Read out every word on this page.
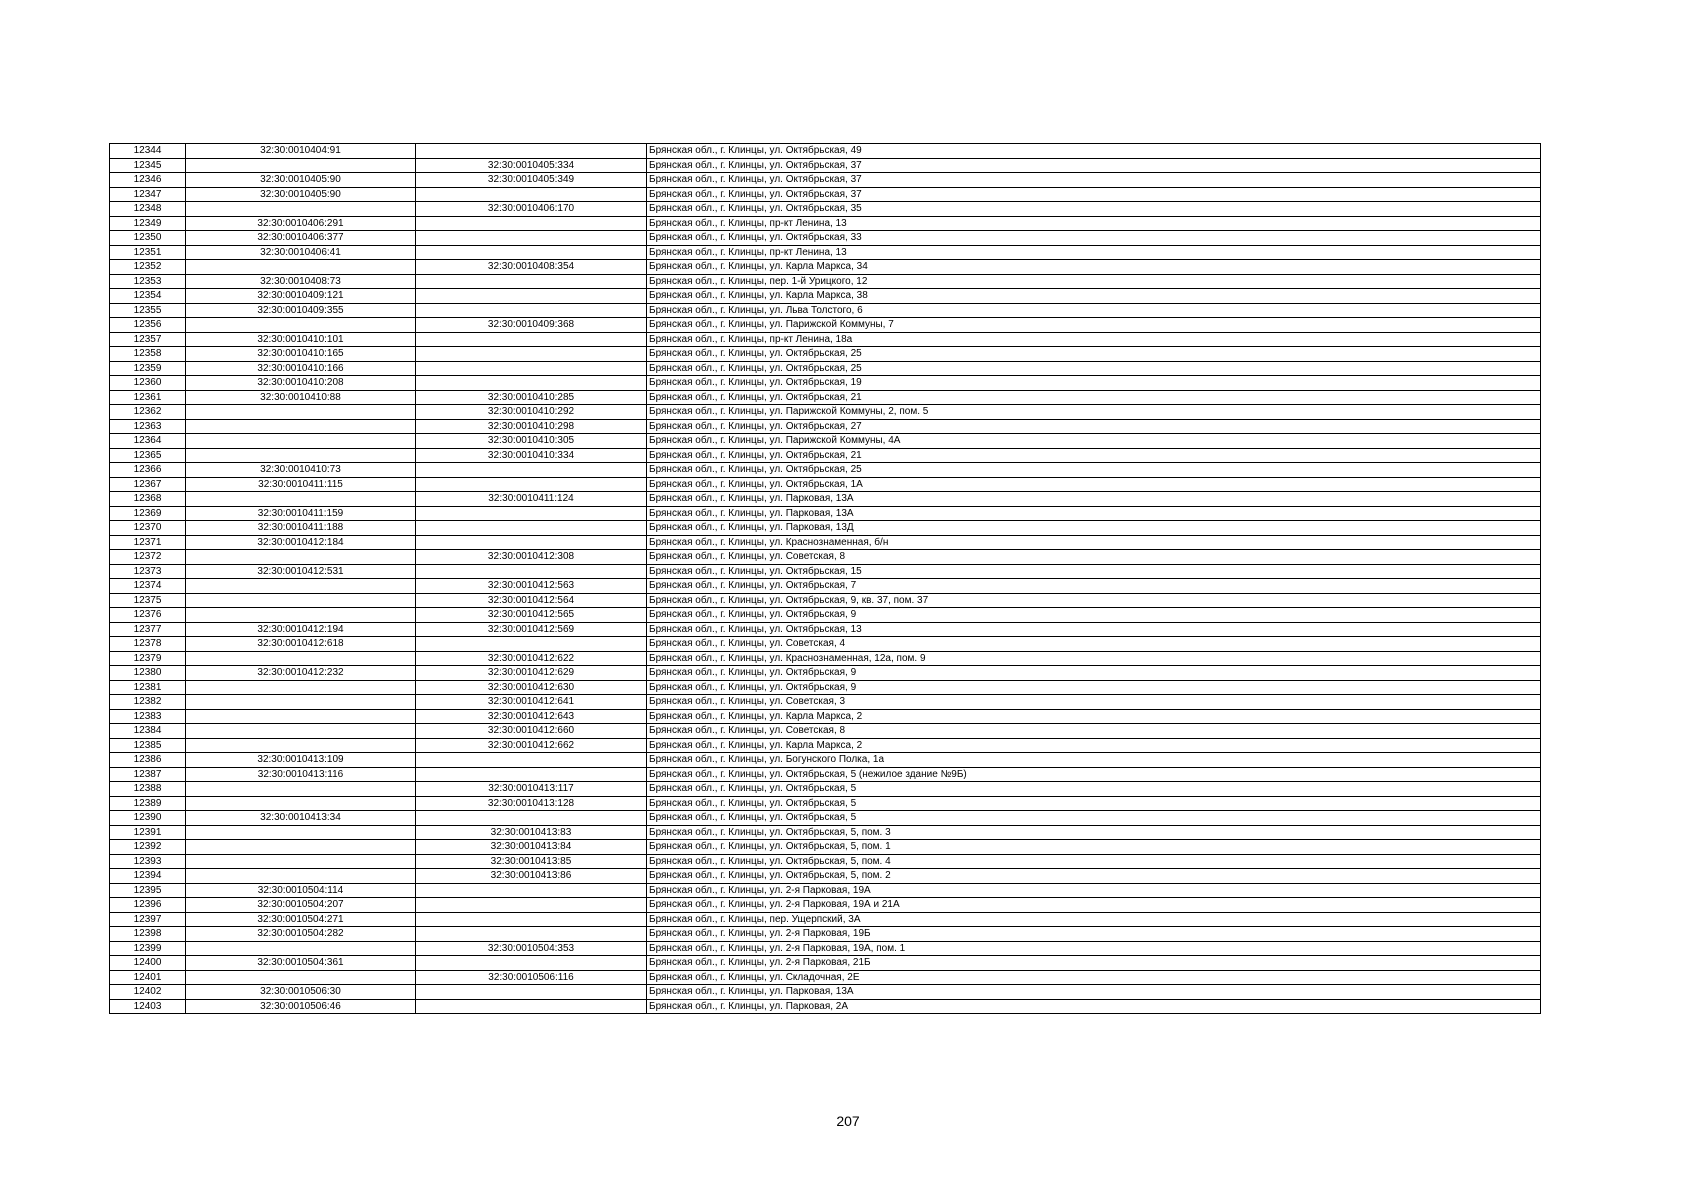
12344	32:30:0010404:91		Брянская обл., г. Клинцы, ул. Октябрьская, 49
12345		32:30:0010405:334	Брянская обл., г. Клинцы, ул. Октябрьская, 37
12346	32:30:0010405:90	32:30:0010405:349	Брянская обл., г. Клинцы, ул. Октябрьская, 37
12347	32:30:0010405:90		Брянская обл., г. Клинцы, ул. Октябрьская, 37
12348		32:30:0010406:170	Брянская обл., г. Клинцы, ул. Октябрьская, 35
12349	32:30:0010406:291		Брянская обл., г. Клинцы, пр-кт Ленина, 13
12350	32:30:0010406:377		Брянская обл., г. Клинцы, ул. Октябрьская, 33
12351	32:30:0010406:41		Брянская обл., г. Клинцы, пр-кт Ленина, 13
12352		32:30:0010408:354	Брянская обл., г. Клинцы, ул. Карла Маркса, 34
12353	32:30:0010408:73		Брянская обл., г. Клинцы, пер. 1-й Урицкого, 12
12354	32:30:0010409:121		Брянская обл., г. Клинцы, ул. Карла Маркса, 38
12355	32:30:0010409:355		Брянская обл., г. Клинцы, ул. Льва Толстого, 6
12356		32:30:0010409:368	Брянская обл., г. Клинцы, ул. Парижской Коммуны, 7
12357	32:30:0010410:101		Брянская обл., г. Клинцы, пр-кт Ленина, 18а
12358	32:30:0010410:165		Брянская обл., г. Клинцы, ул. Октябрьская, 25
12359	32:30:0010410:166		Брянская обл., г. Клинцы, ул. Октябрьская, 25
12360	32:30:0010410:208		Брянская обл., г. Клинцы, ул. Октябрьская, 19
12361	32:30:0010410:88	32:30:0010410:285	Брянская обл., г. Клинцы, ул. Октябрьская, 21
12362		32:30:0010410:292	Брянская обл., г. Клинцы, ул. Парижской Коммуны, 2, пом. 5
12363		32:30:0010410:298	Брянская обл., г. Клинцы, ул. Октябрьская, 27
12364		32:30:0010410:305	Брянская обл., г. Клинцы, ул. Парижской Коммуны, 4А
12365		32:30:0010410:334	Брянская обл., г. Клинцы, ул. Октябрьская, 21
12366	32:30:0010410:73		Брянская обл., г. Клинцы, ул. Октябрьская, 25
12367	32:30:0010411:115		Брянская обл., г. Клинцы, ул. Октябрьская, 1А
12368		32:30:0010411:124	Брянская обл., г. Клинцы, ул. Парковая, 13А
12369	32:30:0010411:159		Брянская обл., г. Клинцы, ул. Парковая, 13А
12370	32:30:0010411:188		Брянская обл., г. Клинцы, ул. Парковая, 13Д
12371	32:30:0010412:184		Брянская обл., г. Клинцы, ул. Краснознаменная, б/н
12372		32:30:0010412:308	Брянская обл., г. Клинцы, ул. Советская, 8
12373	32:30:0010412:531		Брянская обл., г. Клинцы, ул. Октябрьская, 15
12374		32:30:0010412:563	Брянская обл., г. Клинцы, ул. Октябрьская, 7
12375		32:30:0010412:564	Брянская обл., г. Клинцы, ул. Октябрьская, 9, кв. 37, пом. 37
12376		32:30:0010412:565	Брянская обл., г. Клинцы, ул. Октябрьская, 9
12377	32:30:0010412:194	32:30:0010412:569	Брянская обл., г. Клинцы, ул. Октябрьская, 13
12378	32:30:0010412:618		Брянская обл., г. Клинцы, ул. Советская, 4
12379		32:30:0010412:622	Брянская обл., г. Клинцы, ул. Краснознаменная, 12а, пом. 9
12380	32:30:0010412:232	32:30:0010412:629	Брянская обл., г. Клинцы, ул. Октябрьская, 9
12381		32:30:0010412:630	Брянская обл., г. Клинцы, ул. Октябрьская, 9
12382		32:30:0010412:641	Брянская обл., г. Клинцы, ул. Советская, 3
12383		32:30:0010412:643	Брянская обл., г. Клинцы, ул. Карла Маркса, 2
12384		32:30:0010412:660	Брянская обл., г. Клинцы, ул. Советская, 8
12385		32:30:0010412:662	Брянская обл., г. Клинцы, ул. Карла Маркса, 2
12386	32:30:0010413:109		Брянская обл., г. Клинцы, ул. Богунского Полка, 1а
12387	32:30:0010413:116		Брянская обл., г. Клинцы, ул. Октябрьская, 5 (нежилое здание №9Б)
12388		32:30:0010413:117	Брянская обл., г. Клинцы, ул. Октябрьская, 5
12389		32:30:0010413:128	Брянская обл., г. Клинцы, ул. Октябрьская, 5
12390	32:30:0010413:34		Брянская обл., г. Клинцы, ул. Октябрьская, 5
12391		32:30:0010413:83	Брянская обл., г. Клинцы, ул. Октябрьская, 5, пом. 3
12392		32:30:0010413:84	Брянская обл., г. Клинцы, ул. Октябрьская, 5, пом. 1
12393		32:30:0010413:85	Брянская обл., г. Клинцы, ул. Октябрьская, 5, пом. 4
12394		32:30:0010413:86	Брянская обл., г. Клинцы, ул. Октябрьская, 5, пом. 2
12395	32:30:0010504:114		Брянская обл., г. Клинцы, ул. 2-я Парковая, 19А
12396	32:30:0010504:207		Брянская обл., г. Клинцы, ул. 2-я Парковая, 19А и 21А
12397	32:30:0010504:271		Брянская обл., г. Клинцы, пер. Ущерпский, 3А
12398	32:30:0010504:282		Брянская обл., г. Клинцы, ул. 2-я Парковая, 19Б
12399		32:30:0010504:353	Брянская обл., г. Клинцы, ул. 2-я Парковая, 19А, пом. 1
12400	32:30:0010504:361		Брянская обл., г. Клинцы, ул. 2-я Парковая, 21Б
12401		32:30:0010506:116	Брянская обл., г. Клинцы, ул. Складочная, 2Е
12402	32:30:0010506:30		Брянская обл., г. Клинцы, ул. Парковая, 13А
12403	32:30:0010506:46		Брянская обл., г. Клинцы, ул. Парковая, 2А
207
